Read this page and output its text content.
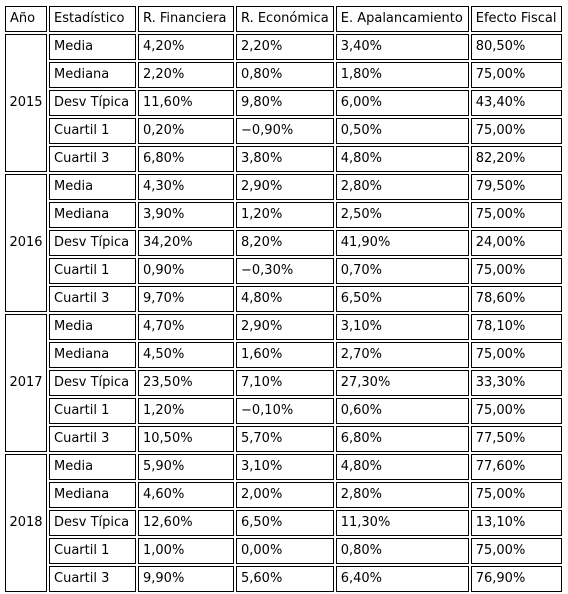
Año	Estadístico	R. Financiera	R. Económica	E. Apalancamiento	Efecto Fiscal
2015	Media	4,20%	2,20%	3,40%	80,50%
	Mediana	2,20%	0,80%	1,80%	75,00%
	Desv Típica	11,60%	9,80%	6,00%	43,40%
	Cuartil 1	0,20%	−0,90%	0,50%	75,00%
	Cuartil 3	6,80%	3,80%	4,80%	82,20%
2016	Media	4,30%	2,90%	2,80%	79,50%
	Mediana	3,90%	1,20%	2,50%	75,00%
	Desv Típica	34,20%	8,20%	41,90%	24,00%
	Cuartil 1	0,90%	−0,30%	0,70%	75,00%
	Cuartil 3	9,70%	4,80%	6,50%	78,60%
2017	Media	4,70%	2,90%	3,10%	78,10%
	Mediana	4,50%	1,60%	2,70%	75,00%
	Desv Típica	23,50%	7,10%	27,30%	33,30%
	Cuartil 1	1,20%	−0,10%	0,60%	75,00%
	Cuartil 3	10,50%	5,70%	6,80%	77,50%
2018	Media	5,90%	3,10%	4,80%	77,60%
	Mediana	4,60%	2,00%	2,80%	75,00%
	Desv Típica	12,60%	6,50%	11,30%	13,10%
	Cuartil 1	1,00%	0,00%	0,80%	75,00%
	Cuartil 3	9,90%	5,60%	6,40%	76,90%
